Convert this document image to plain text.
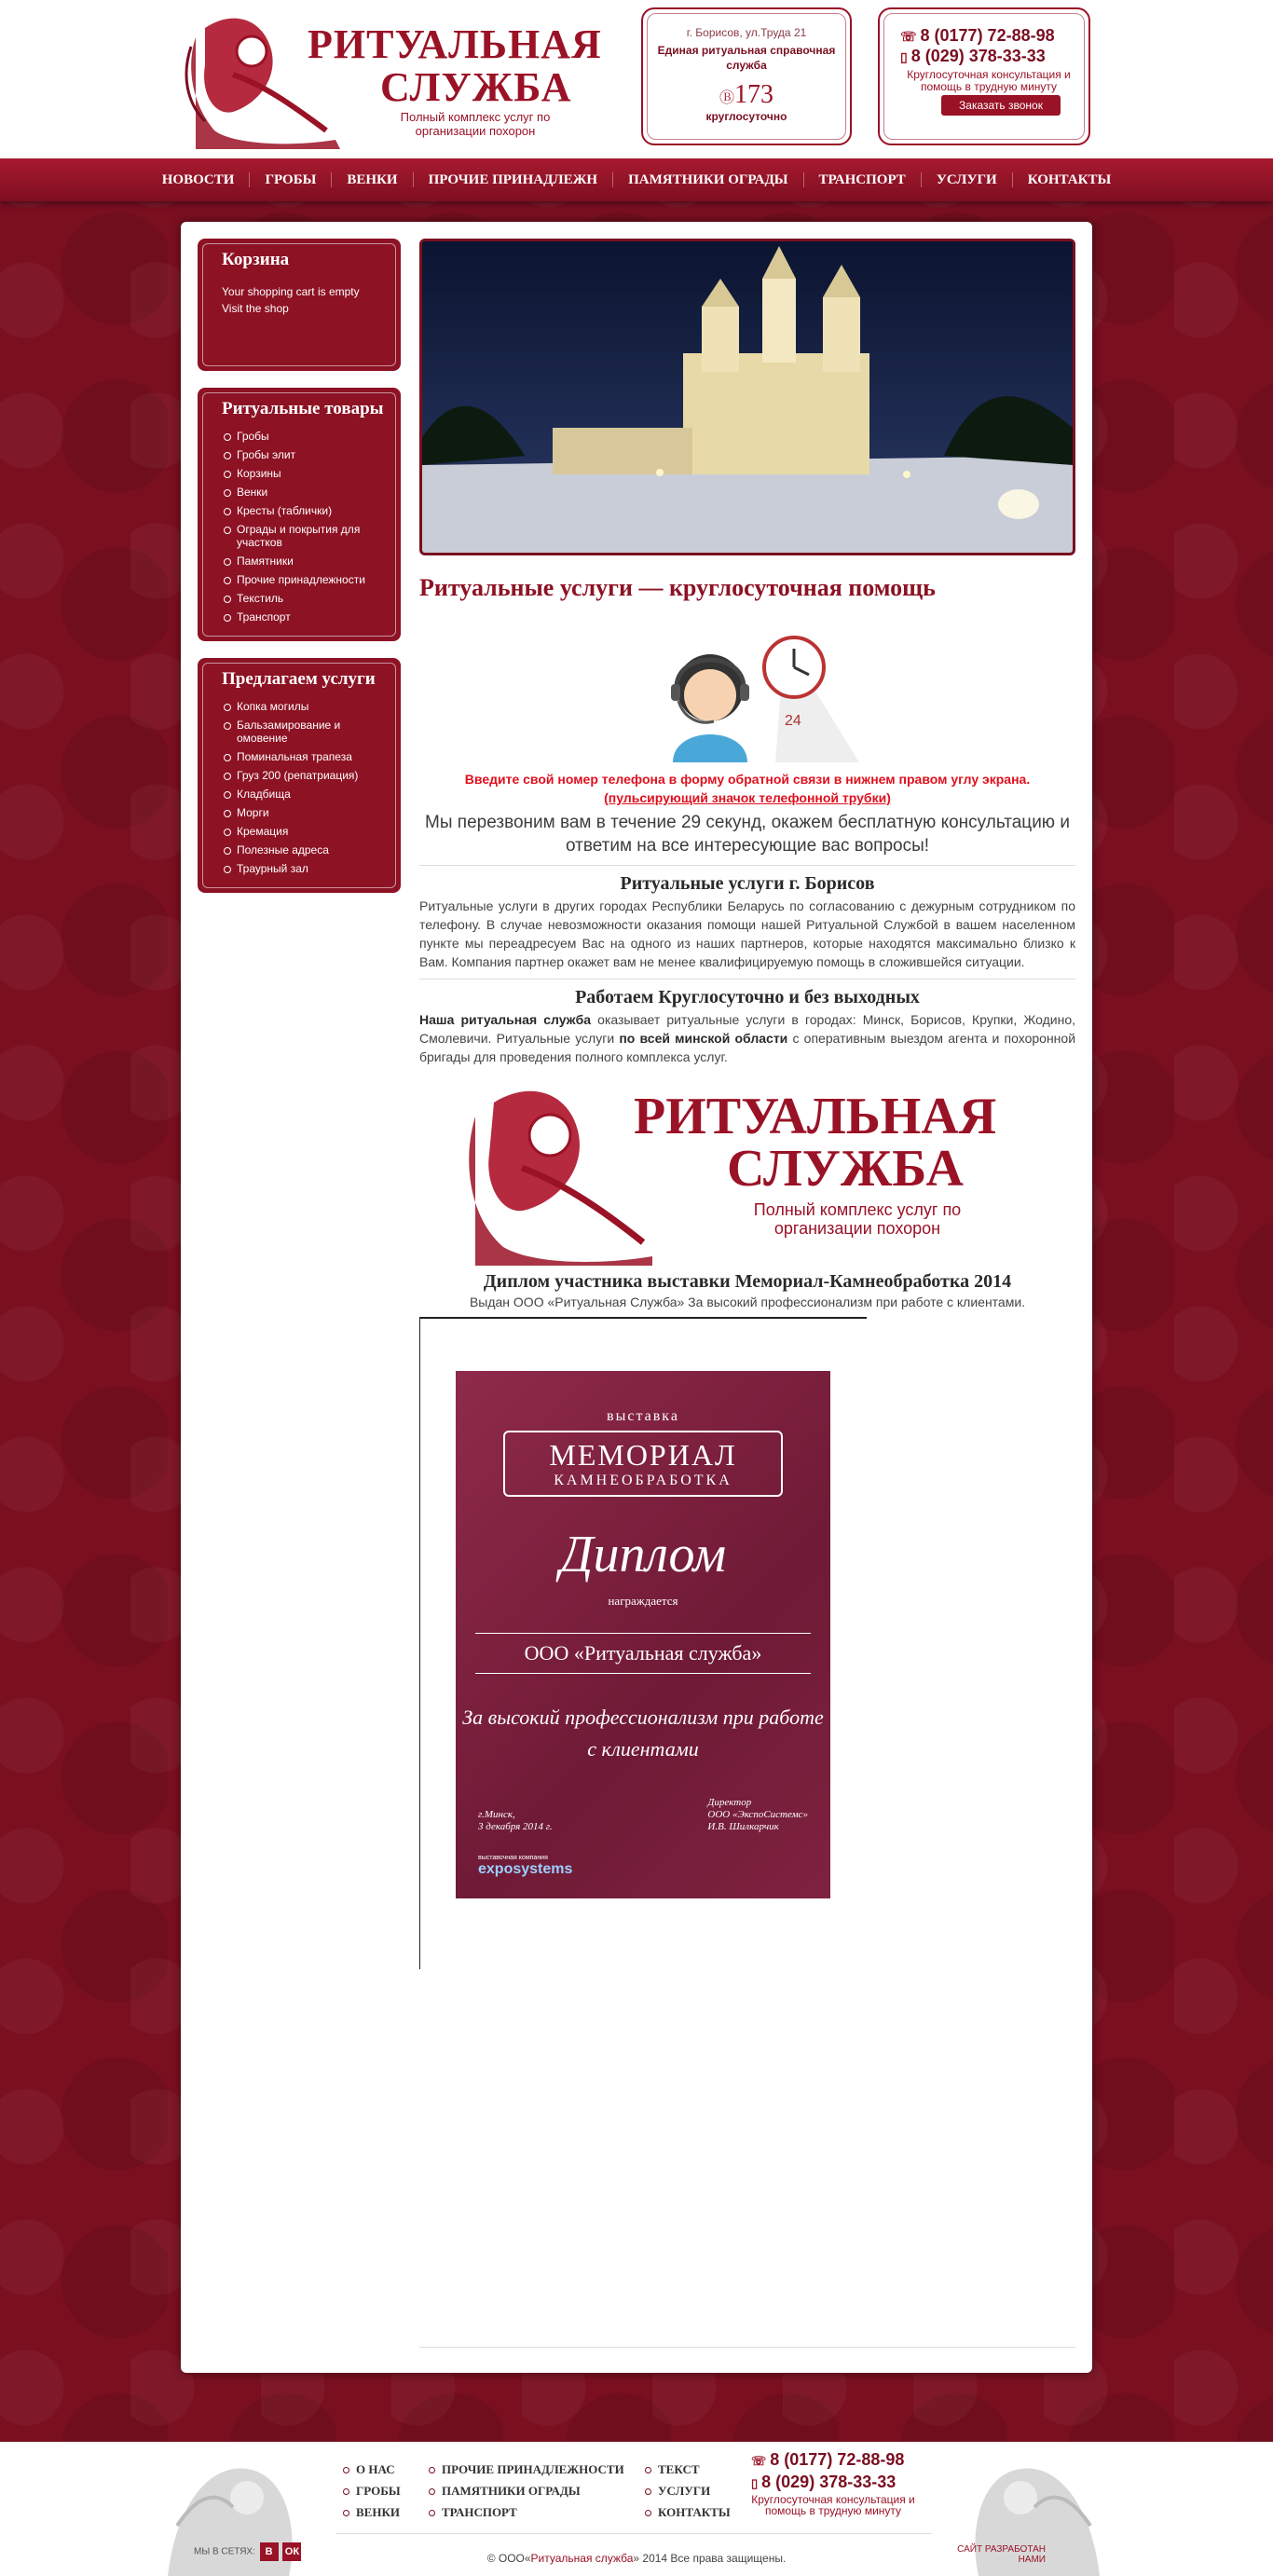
РИТУАЛЬНАЯ
СЛУЖБА
Полный комплекс услуг по организации похорон
г. Борисов, ул.Труда 21
Единая ритуальная справочная служба
Ⓑ173
круглосуточно
☏ 8 (0177) 72-88-98
▯ 8 (029) 378-33-33
Круглосуточная консультация и помощь в трудную минуту
Заказать звонок
НОВОСТИ	ГРОБЫ	ВЕНКИ	ПРОЧИЕ ПРИНАДЛЕЖН	ПАМЯТНИКИ ОГРАДЫ	ТРАНСПОРТ	УСЛУГИ	КОНТАКТЫ
Корзина

Your shopping cart is empty

Visit the shop

Ритуальные товары
Гробы
Гробы элит
Корзины
Венки
Кресты (таблички)
Ограды и покрытия для участков
Памятники
Прочие принадлежности
Текстиль
Транспорт
Предлагаем услуги
Копка могилы
Бальзамирование и омовение
Поминальная трапеза
Груз 200 (репатриация)
Кладбища
Морги
Кремация
Полезные адреса
Траурный зал
Ритуальные услуги — круглосуточная помощь
24
Введите свой номер телефона в форму обратной связи в нижнем правом углу экрана.
(пульсирующий значок телефонной трубки)
Мы перезвоним вам в течение 29 секунд, окажем бесплатную консультацию и ответим на все интересующие вас вопросы!
Ритуальные услуги г. Борисов
Ритуальные услуги в других городах Республики Беларусь по согласованию с дежурным сотрудником по телефону. В случае невозможности оказания помощи нашей Ритуальной Службой в вашем населенном пункте мы переадресуем Вас на одного из наших партнеров, которые находятся максимально близко к Вам. Компания партнер окажет вам не менее квалифицируемую помощь в сложившейся ситуации.
Работаем Круглосуточно и без выходных
Наша ритуальная служба оказывает ритуальные услуги в городах: Минск, Борисов, Крупки, Жодино, Смолевичи. Ритуальные услуги по всей минской области с оперативным выездом агента и похоронной бригады для проведения полного комплекса услуг.
РИТУАЛЬНАЯ
СЛУЖБА
Полный комплекс услуг по организации похорон
Диплом участника выставки Мемориал-Камнеобработка 2014
Выдан ООО «Ритуальная Служба» За высокий профессионализм при работе с клиентами.
выставка
МЕМОРИАЛ
КАМНЕОБРАБОТКА
Диплом
награждается
ООО «Ритуальная служба»
За высокий профессионализм при работе с клиентами
г.Минск,
3 декабря 2014 г.
Директор
ООО «ЭкспоСистемс»
И.В. Шилкарчик
выставочная компания
exposystems
О НАС
ГРОБЫ
ВЕНКИ
ПРОЧИЕ ПРИНАДЛЕЖНОСТИ
ПАМЯТНИКИ ОГРАДЫ
ТРАНСПОРТ
ТЕКСТ
УСЛУГИ
КОНТАКТЫ
☏ 8 (0177) 72-88-98
▯ 8 (029) 378-33-33
Круглосуточная консультация и помощь в трудную минуту
МЫ В СЕТЯХ: В ОК	© ООО«Ритуальная служба» 2014 Все права защищены.
САЙТ РАЗРАБОТАН НАМИ
